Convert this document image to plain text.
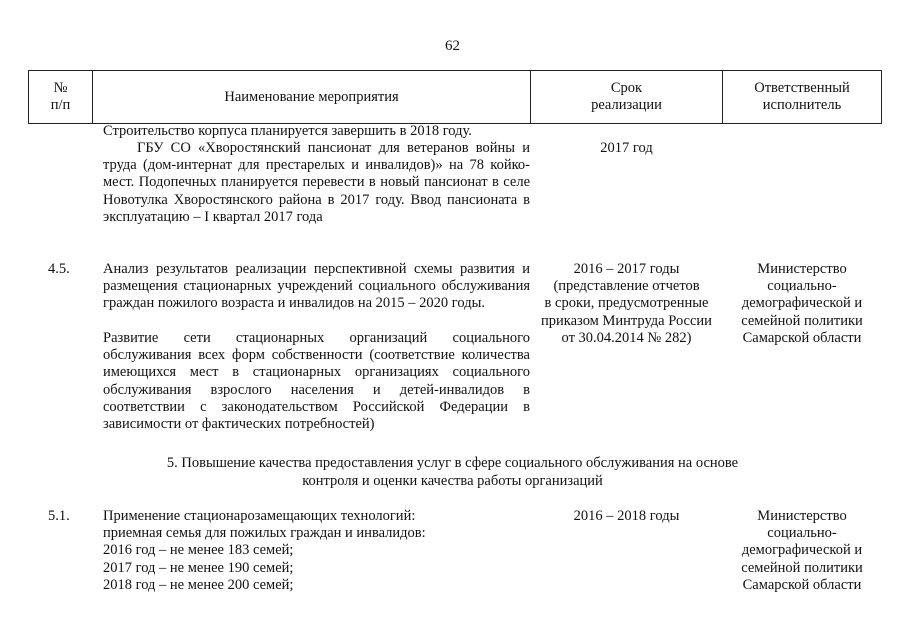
62
№
п/п
Наименование мероприятия
Срок
реализации
Ответственный
исполнитель
Строительство корпуса планируется завершить в 2018 году.
ГБУ СО «Хворостянский пансионат для ветеранов войны и труда (дом-интернат для престарелых и инвалидов)» на 78 койко-мест. Подопечных планируется перевести в новый пансионат в селе Новотулка Хворостянского района в 2017 году. Ввод пансионата в эксплуатацию – I квартал 2017 года
2017 год
4.5. Анализ результатов реализации перспективной схемы развития и размещения стационарных учреждений социального обслуживания граждан пожилого возраста и инвалидов на 2015 – 2020 годы.
Развитие сети стационарных организаций социального обслуживания всех форм собственности (соответствие количества имеющихся мест в стационарных организациях социального обслуживания взрослого населения и детей-инвалидов в соответствии с законодательством Российской Федерации в зависимости от фактических потребностей)
2016 – 2017 годы
(представление отчетов
в сроки, предусмотренные
приказом Минтруда России
от 30.04.2014 № 282)
Министерство
социально-
демографической и
семейной политики
Самарской области
5. Повышение качества предоставления услуг в сфере социального обслуживания на основе
контроля и оценки качества работы организаций
5.1. Применение стационарозамещающих технологий:
приемная семья для пожилых граждан и инвалидов:
2016 год – не менее 183 семей;
2017 год – не менее 190 семей;
2018 год – не менее 200 семей;
2016 – 2018 годы	Министерство
социально-
демографической и
семейной политики
Самарской области
